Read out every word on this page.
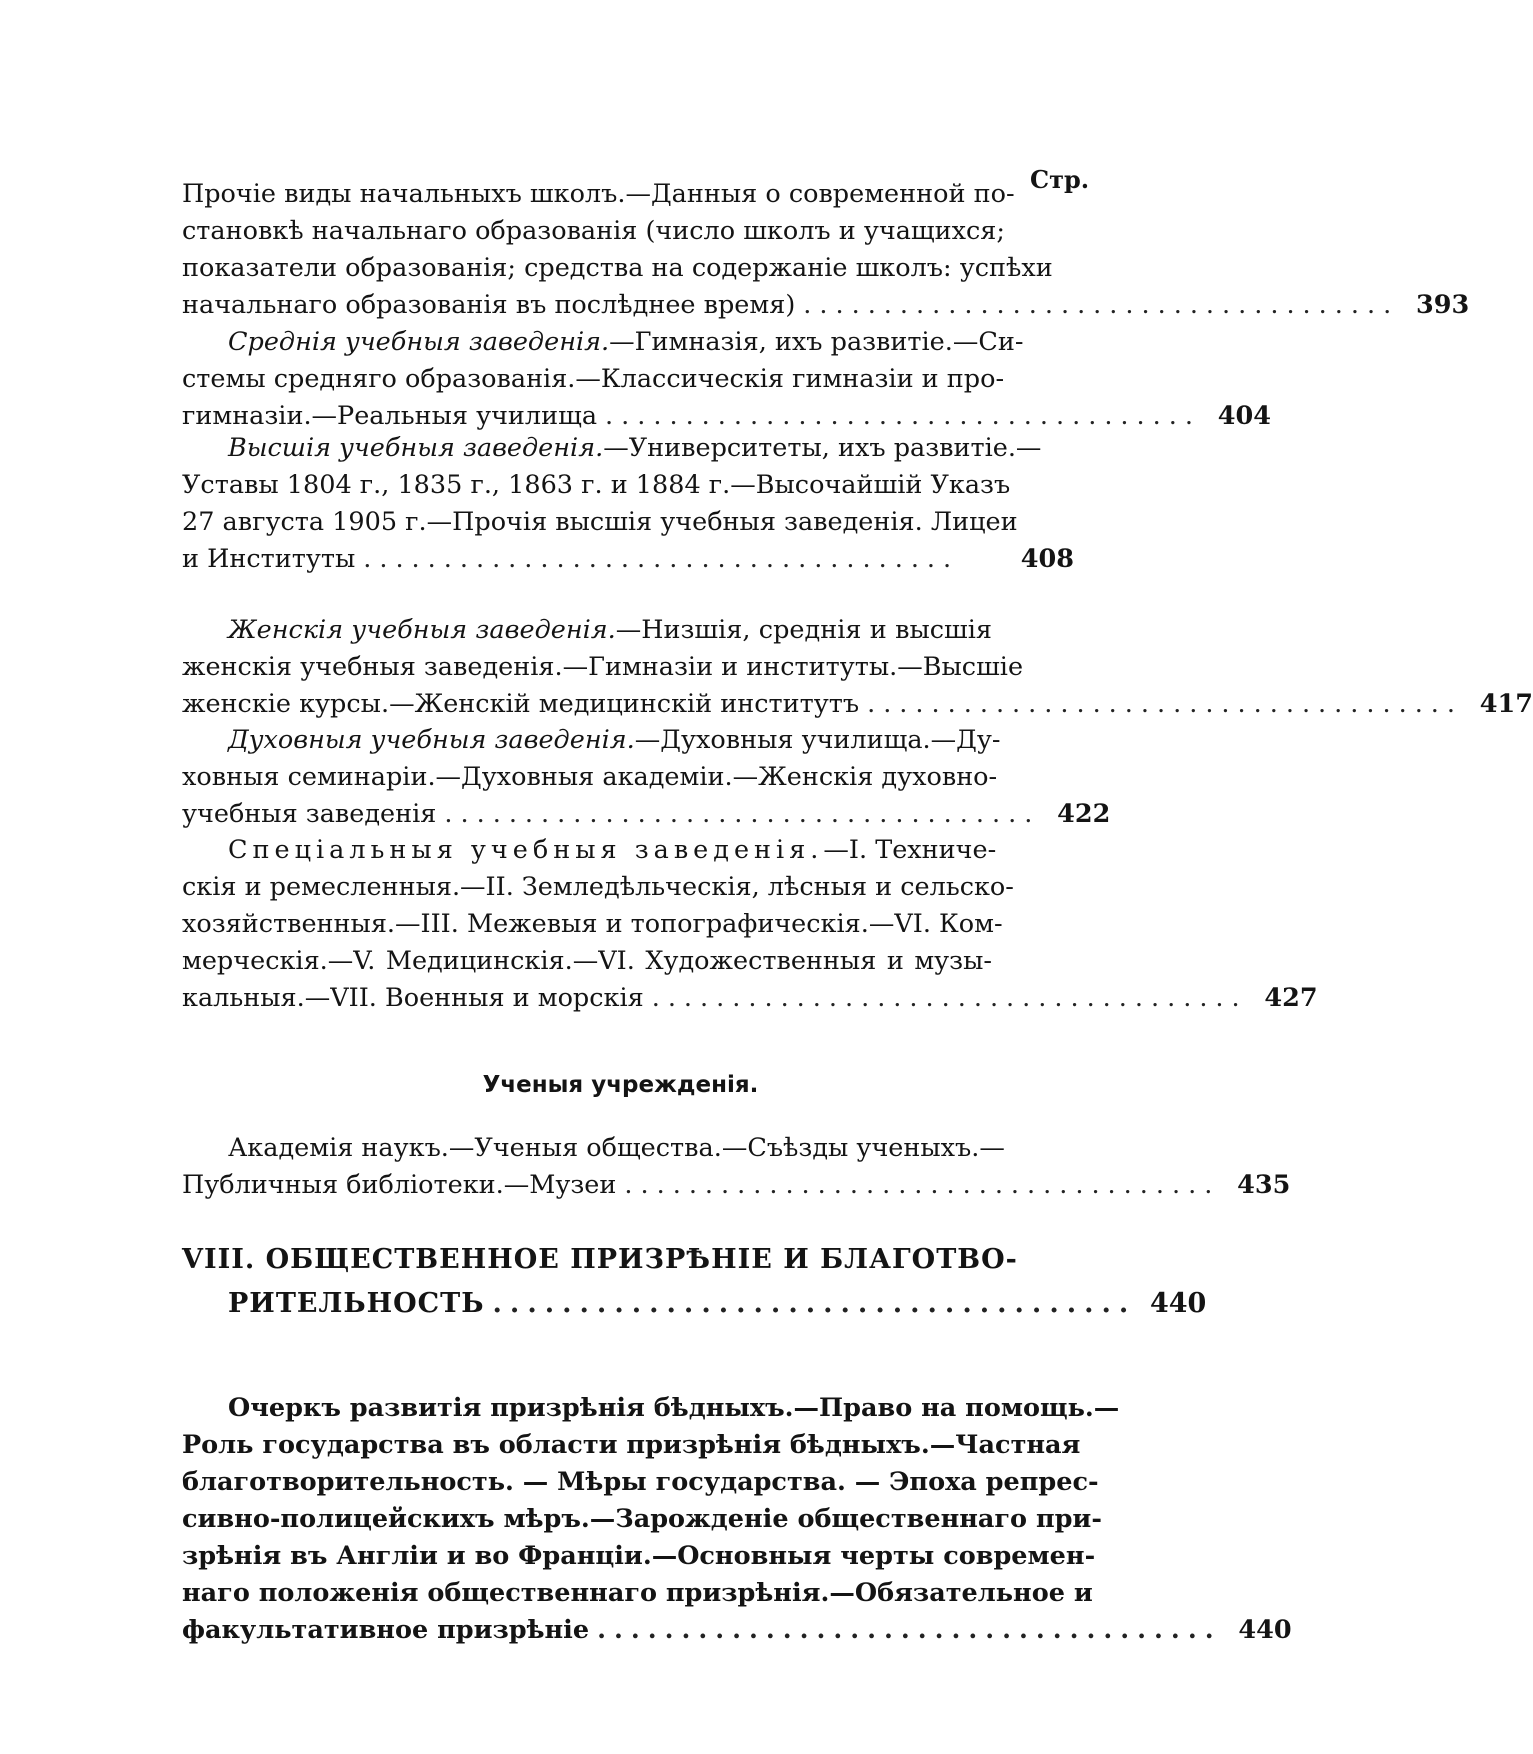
Стр.
Прочіе виды начальныхъ школъ.—Данныя о современной по-
становкѣ начальнаго образованія (число школъ и учащихся;
показатели образованія; средства на содержаніе школъ: успѣхи
начальнаго образованія въ послѣднее время) ..................................... 393
Среднія учебныя заведенія.—Гимназія, ихъ развитіе.—Си-
стемы средняго образованія.—Классическія гимназіи и про-
гимназіи.—Реальныя училища ..................................... 404
Высшія учебныя заведенія.—Университеты, ихъ развитіе.—
Уставы 1804 г., 1835 г., 1863 г. и 1884 г.—Высочайшій Указъ
27 августа 1905 г.—Прочія высшія учебныя заведенія. Лицеи
и Институты .....................................	408
Женскія учебныя заведенія.—Низшія, среднія и высшія
женскія учебныя заведенія.—Гимназіи и институты.—Высшіе
женскіе курсы.—Женскій медицинскій институтъ ..................................... 417
Духовныя учебныя заведенія.—Духовныя училища.—Ду-
ховныя семинаріи.—Духовныя академіи.—Женскія духовно-
учебныя заведенія ..................................... 422
Спеціальныя учебныя заведенія.—I. Техниче-
скія и ремесленныя.—II. Земледѣльческія, лѣсныя и сельско-
хозяйственныя.—III. Межевыя и топографическія.—VI. Ком-
мерческія.—V. Медицинскія.—VI. Художественныя и музы-
кальныя.—VII. Военныя и морскія ..................................... 427
Ученыя учрежденія.
Академія наукъ.—Ученыя общества.—Съѣзды ученыхъ.—
Публичныя библіотеки.—Музеи ..................................... 435
VIII. ОБЩЕСТВЕННОЕ ПРИЗРѢНІЕ И БЛАГОТВО-
РИТЕЛЬНОСТЬ ..................................... 440
Очеркъ развитія призрѣнія бѣдныхъ.—Право на помощь.—
Роль государства въ области призрѣнія бѣдныхъ.—Частная
благотворительность. — Мѣры государства. — Эпоха репрес-
сивно-полицейскихъ мѣръ.—Зарожденіе общественнаго при-
зрѣнія въ Англіи и во Франціи.—Основныя черты современ-
наго положенія общественнаго призрѣнія.—Обязательное и
факультативное призрѣніе ..................................... 440
